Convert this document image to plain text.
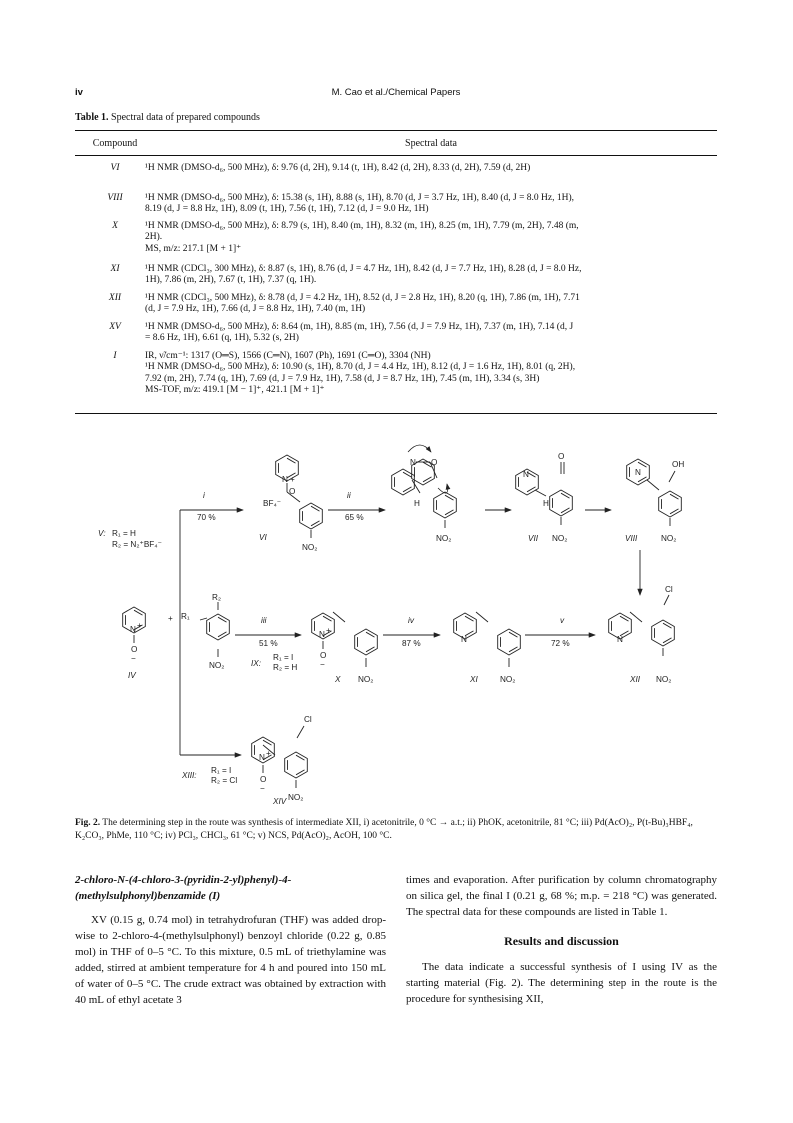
iv	M. Cao et al./Chemical Papers
Table 1. Spectral data of prepared compounds
Compound	Spectral data
VI	¹H NMR (DMSO-d₆, 500 MHz), δ: 9.76 (d, 2H), 9.14 (t, 1H), 8.42 (d, 2H), 8.33 (d, 2H), 7.59 (d, 2H)
VIII	¹H NMR (DMSO-d₆, 500 MHz), δ: 15.38 (s, 1H), 8.88 (s, 1H), 8.70 (d, J = 3.7 Hz, 1H), 8.40 (d, J = 8.0 Hz, 1H),
8.19 (d, J = 8.8 Hz, 1H), 8.09 (t, 1H), 7.56 (t, 1H), 7.12 (d, J = 9.0 Hz, 1H)
X	¹H NMR (DMSO-d₆, 500 MHz), δ: 8.79 (s, 1H), 8.40 (m, 1H), 8.32 (m, 1H), 8.25 (m, 1H), 7.79 (m, 2H), 7.48 (m,
2H).
MS, m/z: 217.1 [M + 1]⁺
XI	¹H NMR (CDCl₃, 300 MHz), δ: 8.87 (s, 1H), 8.76 (d, J = 4.7 Hz, 1H), 8.42 (d, J = 7.7 Hz, 1H), 8.28 (d, J = 8.0 Hz,
1H), 7.86 (m, 2H), 7.67 (t, 1H), 7.37 (q, 1H).
XII	¹H NMR (CDCl₃, 500 MHz), δ: 8.78 (d, J = 4.2 Hz, 1H), 8.52 (d, J = 2.8 Hz, 1H), 8.20 (q, 1H), 7.86 (m, 1H), 7.71
(d, J = 7.9 Hz, 1H), 7.66 (d, J = 8.8 Hz, 1H), 7.40 (m, 1H)
XV	¹H NMR (DMSO-d₆, 500 MHz), δ: 8.64 (m, 1H), 8.85 (m, 1H), 7.56 (d, J = 7.9 Hz, 1H), 7.37 (m, 1H), 7.14 (d, J
= 8.6 Hz, 1H), 6.61 (q, 1H), 5.32 (s, 2H)
I	IR, ν̃/cm⁻¹: 1317 (O═S), 1566 (C═N), 1607 (Ph), 1691 (C═O), 3304 (NH)
¹H NMR (DMSO-d₆, 500 MHz), δ: 10.90 (s, 1H), 8.70 (d, J = 4.4 Hz, 1H), 8.12 (d, J = 1.6 Hz, 1H), 8.01 (q, 2H),
7.92 (m, 2H), 7.74 (q, 1H), 7.69 (d, J = 7.9 Hz, 1H), 7.58 (d, J = 8.7 Hz, 1H), 7.45 (m, 1H), 3.34 (s, 3H)
MS-TOF, m/z: 419.1 [M − 1]⁺, 421.1 [M + 1]⁺
V: R₁ = H
R₂ = N₂⁺BF₄⁻
i
70 %
ii
65 %
BF₄⁻
VI
NO₂
N +
O
N O
H
NO₂
N
O
H
VII NO₂
N
OH
VIII	NO₂
N +
O
−
IV
+ R₁
R₂
NO₂
iii
51 %
IX:
R₁ = I
R₂ = H
N +
O
−
X NO₂
iv
87 %	N
XI	NO₂
v
72 %	N
Cl
XII NO₂
XIII:
R₁ = I
R₂ = Cl
N +
O
−
Cl
XIV NO₂
Fig. 2. The determining step in the route was synthesis of intermediate XII, i) acetonitrile, 0 °C → a.t.; ii) PhOK, acetonitrile, 81 °C; iii) Pd(AcO)₂, P(t-Bu)₃HBF₄, K₂CO₃, PhMe, 110 °C; iv) PCl₃, CHCl₃, 61 °C; v) NCS, Pd(AcO)₂, AcOH, 100 °C.

2-chloro-N-(4-chloro-3-(pyridin-2-yl)phenyl)-4-(methylsulphonyl)benzamide (I)

XV (0.15 g, 0.74 mol) in tetrahydrofuran (THF) was added drop-wise to 2-chloro-4-(methylsulphonyl) benzoyl chloride (0.22 g, 0.85 mol) in THF of 0–5 °C. To this mixture, 0.5 mL of triethylamine was added, stirred at ambient temperature for 4 h and poured into 150 mL of water of 0–5 °C. The crude extract was obtained by extraction with 40 mL of ethyl acetate 3

times and evaporation. After purification by column chromatography on silica gel, the final I (0.21 g, 68 %; m.p. = 218 °C) was generated. The spectral data for these compounds are listed in Table 1.

Results and discussion

The data indicate a successful synthesis of I using IV as the starting material (Fig. 2). The determining step in the route is the procedure for synthesising XII,
